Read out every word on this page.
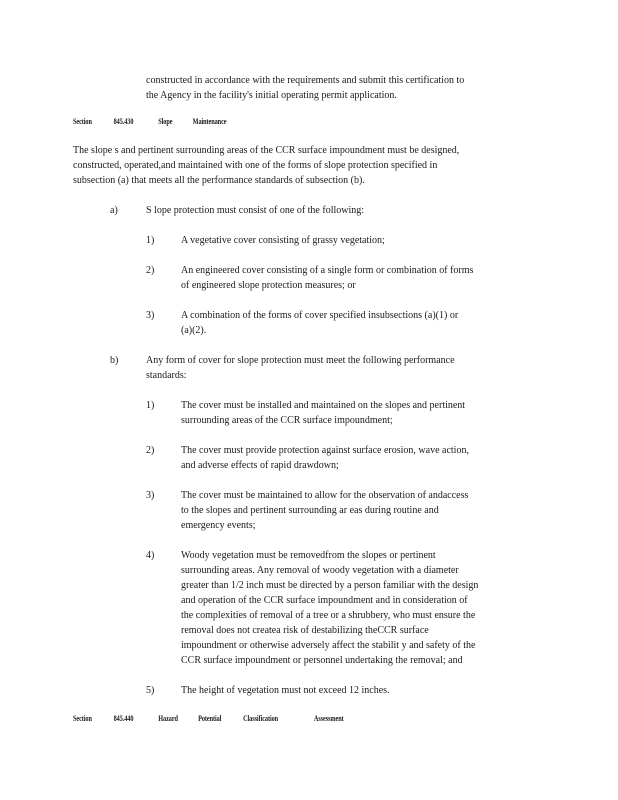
constructed in accordance with the requirements and submit this certification to
the Agency in the facility's initial operating permit application.
Section	845.430	Slope	Maintenance
The slope s and pertinent surrounding areas of the CCR surface impoundment must be designed,
constructed, operated,and maintained with one of the forms of slope protection specified in
subsection (a) that meets all the performance standards of subsection (b).
a)	S lope protection must consist of one of the following:
1)	A vegetative cover consisting of grassy vegetation;
2)	An engineered cover consisting of a single form or combination of forms
of engineered slope protection measures; or
3)	A combination of the forms of cover specified insubsections (a)(1) or
(a)(2).
b)	Any form of cover for slope protection must meet the following performance
standards:
1)	The cover must be installed and maintained on the slopes and pertinent
surrounding areas of the CCR surface impoundment;
2)	The cover must provide protection against surface erosion, wave action,
and adverse effects of rapid drawdown;
3)	The cover must be maintained to allow for the observation of andaccess
to the slopes and pertinent surrounding ar eas during routine and
emergency events;
4)	Woody vegetation must be removedfrom the slopes or pertinent
surrounding areas. Any removal of woody vegetation with a diameter
greater than 1/2 inch must be directed by a person familiar with the design
and operation of the CCR surface impoundment and in consideration of
the complexities of removal of a tree or a shrubbery, who must ensure the
removal does not createa risk of destabilizing theCCR surface
impoundment or otherwise adversely affect the stabilit y and safety of the
CCR surface impoundment or personnel undertaking the removal; and
5)	The height of vegetation must not exceed 12 inches.
Section	845.440	Hazard	Potential	Classification	Assessment
